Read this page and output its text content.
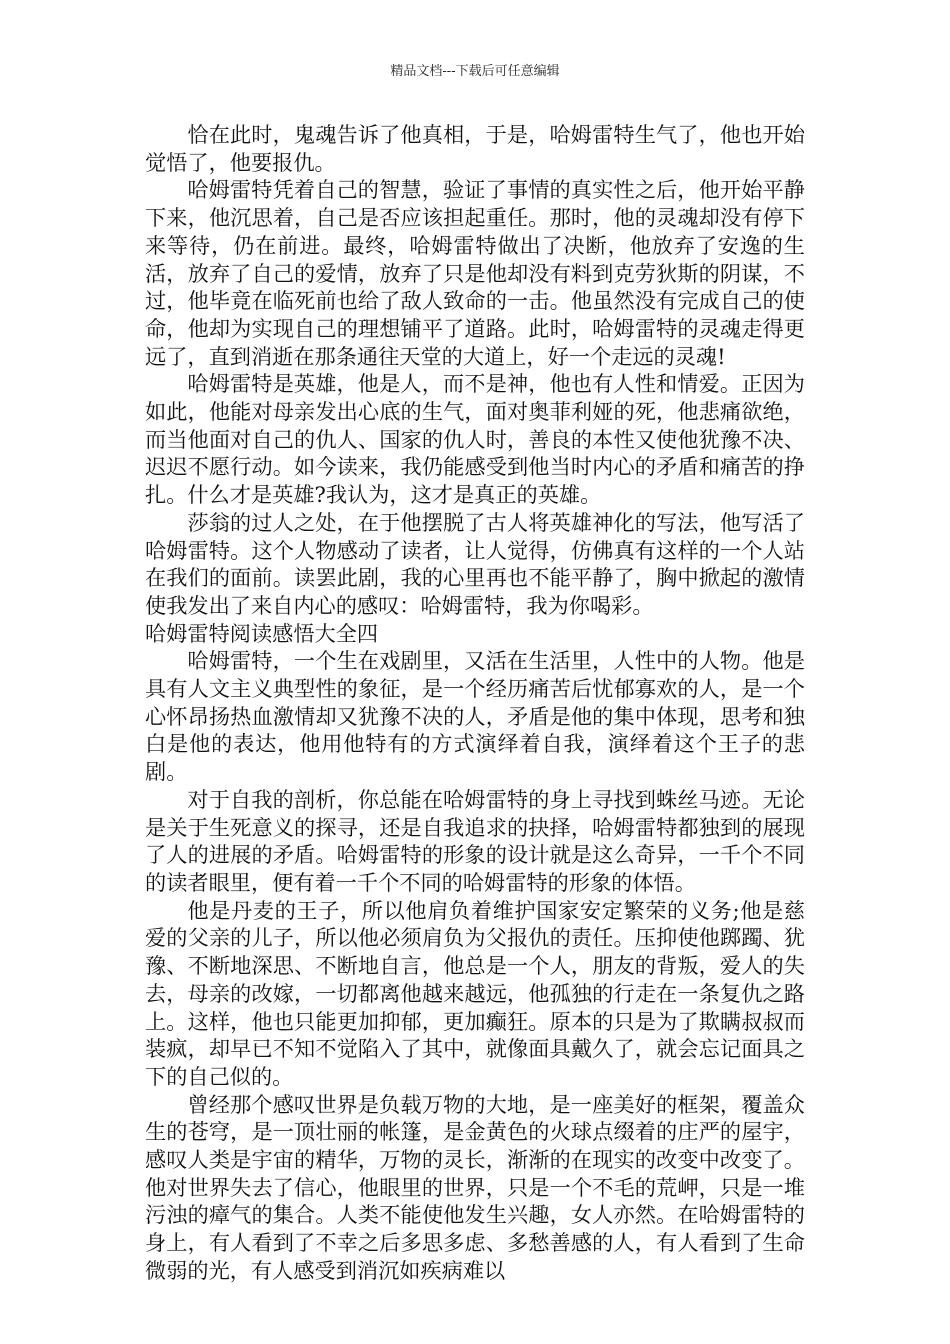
精品文档---下载后可任意编辑

恰在此时，鬼魂告诉了他真相，于是，哈姆雷特生气了，他也开始觉悟了，他要报仇。

哈姆雷特凭着自己的智慧，验证了事情的真实性之后，他开始平静下来，他沉思着，自己是否应该担起重任。那时，他的灵魂却没有停下来等待，仍在前进。最终，哈姆雷特做出了决断，他放弃了安逸的生活，放弃了自己的爱情，放弃了只是他却没有料到克劳狄斯的阴谋，不过，他毕竟在临死前也给了敌人致命的一击。他虽然没有完成自己的使命，他却为实现自己的理想铺平了道路。此时，哈姆雷特的灵魂走得更远了，直到消逝在那条通往天堂的大道上，好一个走远的灵魂!

哈姆雷特是英雄，他是人，而不是神，他也有人性和情爱。正因为如此，他能对母亲发出心底的生气，面对奥菲利娅的死，他悲痛欲绝，而当他面对自己的仇人、国家的仇人时，善良的本性又使他犹豫不决、迟迟不愿行动。如今读来，我仍能感受到他当时内心的矛盾和痛苦的挣扎。什么才是英雄?我认为，这才是真正的英雄。

莎翁的过人之处，在于他摆脱了古人将英雄神化的写法，他写活了哈姆雷特。这个人物感动了读者，让人觉得，仿佛真有这样的一个人站在我们的面前。读罢此剧，我的心里再也不能平静了，胸中掀起的激情使我发出了来自内心的感叹：哈姆雷特，我为你喝彩。

哈姆雷特阅读感悟大全四

哈姆雷特，一个生在戏剧里，又活在生活里，人性中的人物。他是具有人文主义典型性的象征，是一个经历痛苦后忧郁寡欢的人，是一个心怀昂扬热血激情却又犹豫不决的人，矛盾是他的集中体现，思考和独白是他的表达，他用他特有的方式演绎着自我，演绎着这个王子的悲剧。

对于自我的剖析，你总能在哈姆雷特的身上寻找到蛛丝马迹。无论是关于生死意义的探寻，还是自我追求的抉择，哈姆雷特都独到的展现了人的进展的矛盾。哈姆雷特的形象的设计就是这么奇异，一千个不同的读者眼里，便有着一千个不同的哈姆雷特的形象的体悟。

他是丹麦的王子，所以他肩负着维护国家安定繁荣的义务;他是慈爱的父亲的儿子，所以他必须肩负为父报仇的责任。压抑使他踯躅、犹豫、不断地深思、不断地自言，他总是一个人，朋友的背叛，爱人的失去，母亲的改嫁，一切都离他越来越远，他孤独的行走在一条复仇之路上。这样，他也只能更加抑郁，更加癫狂。原本的只是为了欺瞒叔叔而装疯，却早已不知不觉陷入了其中，就像面具戴久了，就会忘记面具之下的自己似的。

曾经那个感叹世界是负载万物的大地，是一座美好的框架，覆盖众生的苍穹，是一顶壮丽的帐篷，是金黄色的火球点缀着的庄严的屋宇，感叹人类是宇宙的精华，万物的灵长，渐渐的在现实的改变中改变了。他对世界失去了信心，他眼里的世界，只是一个不毛的荒岬，只是一堆污浊的瘴气的集合。人类不能使他发生兴趣，女人亦然。在哈姆雷特的身上，有人看到了不幸之后多思多虑、多愁善感的人，有人看到了生命微弱的光，有人感受到消沉如疾病难以
